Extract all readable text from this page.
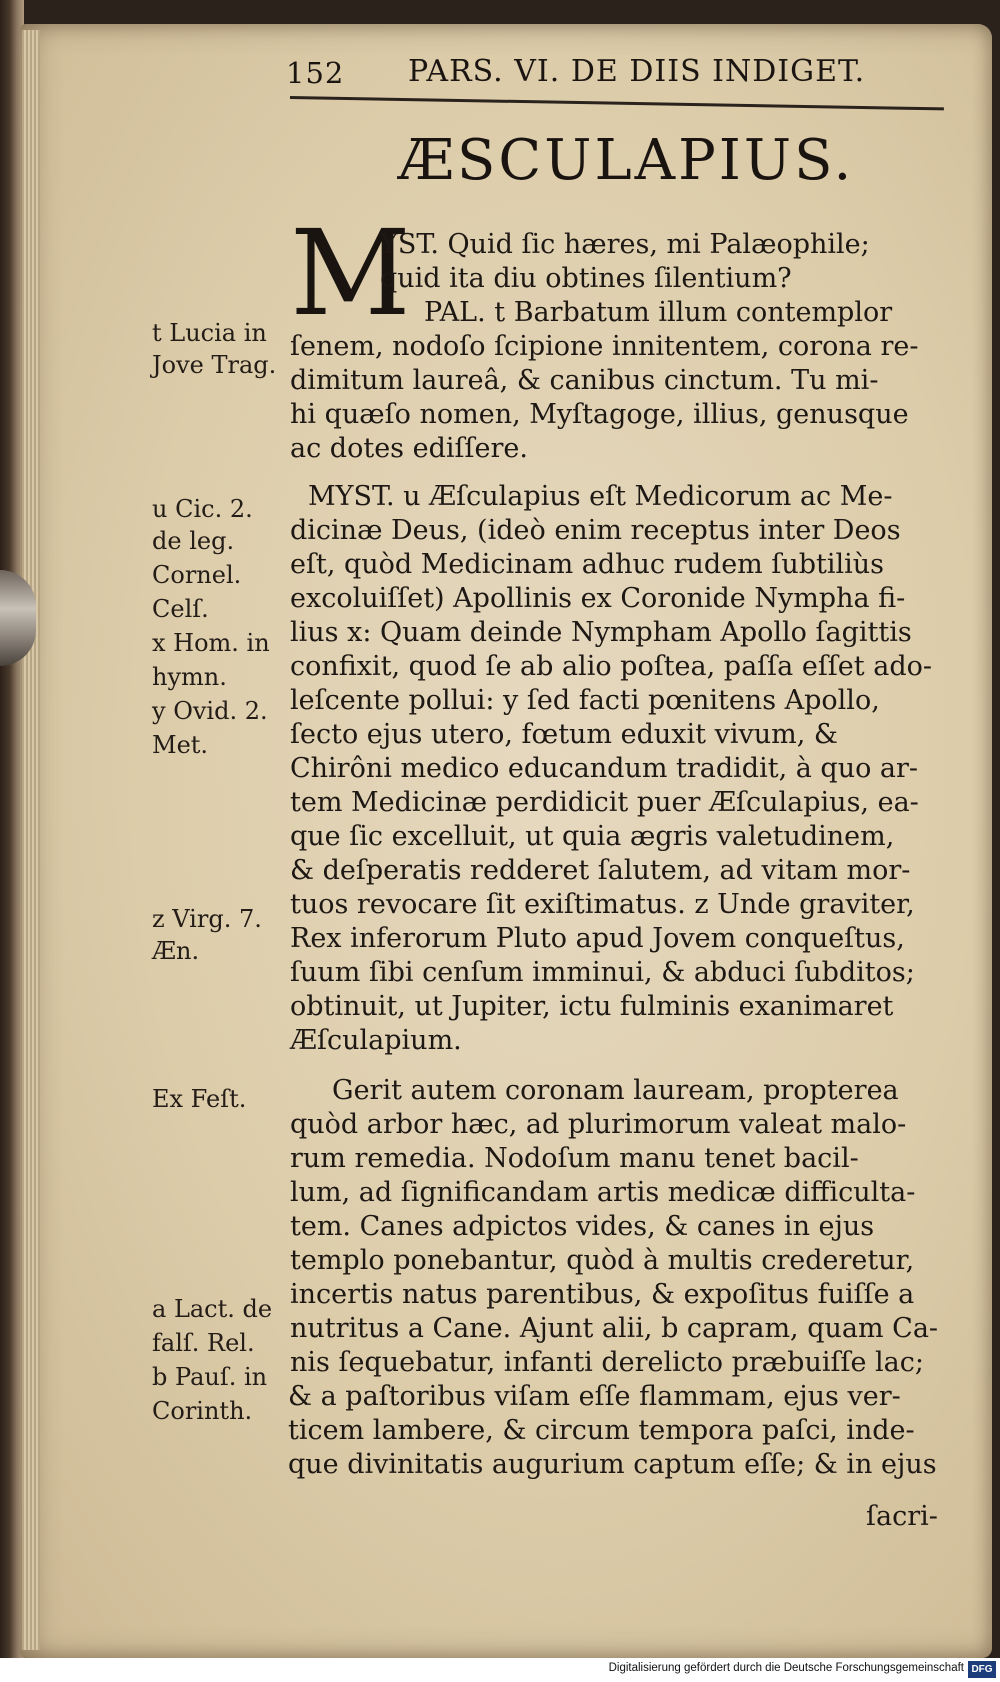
152 PARS. VI. DE DIIS INDIGET.
ÆSCULAPIUS.
M
YST. Quid ſic hæres, mi Palæophile;
quid ita diu obtines ſilentium?
PAL. t Barbatum illum contemplor
ſenem, nodoſo ſcipione innitentem, corona re-
dimitum laureâ, & canibus cinctum. Tu mi-
hi quæſo nomen, Myſtagoge, illius, genusque
ac dotes ediſſere.
MYST. u Æſculapius eſt Medicorum ac Me-
dicinæ Deus, (ideò enim receptus inter Deos
eſt, quòd Medicinam adhuc rudem ſubtiliùs
excoluiſſet) Apollinis ex Coronide Nympha fi-
lius x: Quam deinde Nympham Apollo ſagittis
confixit, quod ſe ab alio poſtea, paſſa eſſet ado-
leſcente pollui: y ſed facti pœnitens Apollo,
ſecto ejus utero, fœtum eduxit vivum, &
Chirôni medico educandum tradidit, à quo ar-
tem Medicinæ perdidicit puer Æſculapius, ea-
que ſic excelluit, ut quia ægris valetudinem,
& deſperatis redderet ſalutem, ad vitam mor-
tuos revocare ſit exiſtimatus. z Unde graviter,
Rex inferorum Pluto apud Jovem conqueſtus,
ſuum ſibi cenſum imminui, & abduci ſubditos;
obtinuit, ut Jupiter, ictu fulminis exanimaret
Æſculapium.
Gerit autem coronam lauream, propterea
quòd arbor hæc, ad plurimorum valeat malo-
rum remedia. Nodoſum manu tenet bacil-
lum, ad ſignificandam artis medicæ difficulta-
tem. Canes adpictos vides, & canes in ejus
templo ponebantur, quòd à multis crederetur,
incertis natus parentibus, & expoſitus fuiſſe a
nutritus a Cane. Ajunt alii, b capram, quam Ca-
nis ſequebatur, infanti derelicto præbuiſſe lac;
& a paſtoribus viſam eſſe flammam, ejus ver-
ticem lambere, & circum tempora paſci, inde-
que divinitatis augurium captum eſſe; & in ejus
ſacri-
t Lucia in
Jove Trag.
u Cic. 2.
de leg.
Cornel.
Celſ.
x Hom. in
hymn.
y Ovid. 2.
Met.
z Virg. 7.
Æn.
Ex Feſt.
a Lact. de
falſ. Rel.
b Pauſ. in
Corinth.
Digitalisierung gefördert durch die Deutsche Forschungsgemeinschaft DFG
